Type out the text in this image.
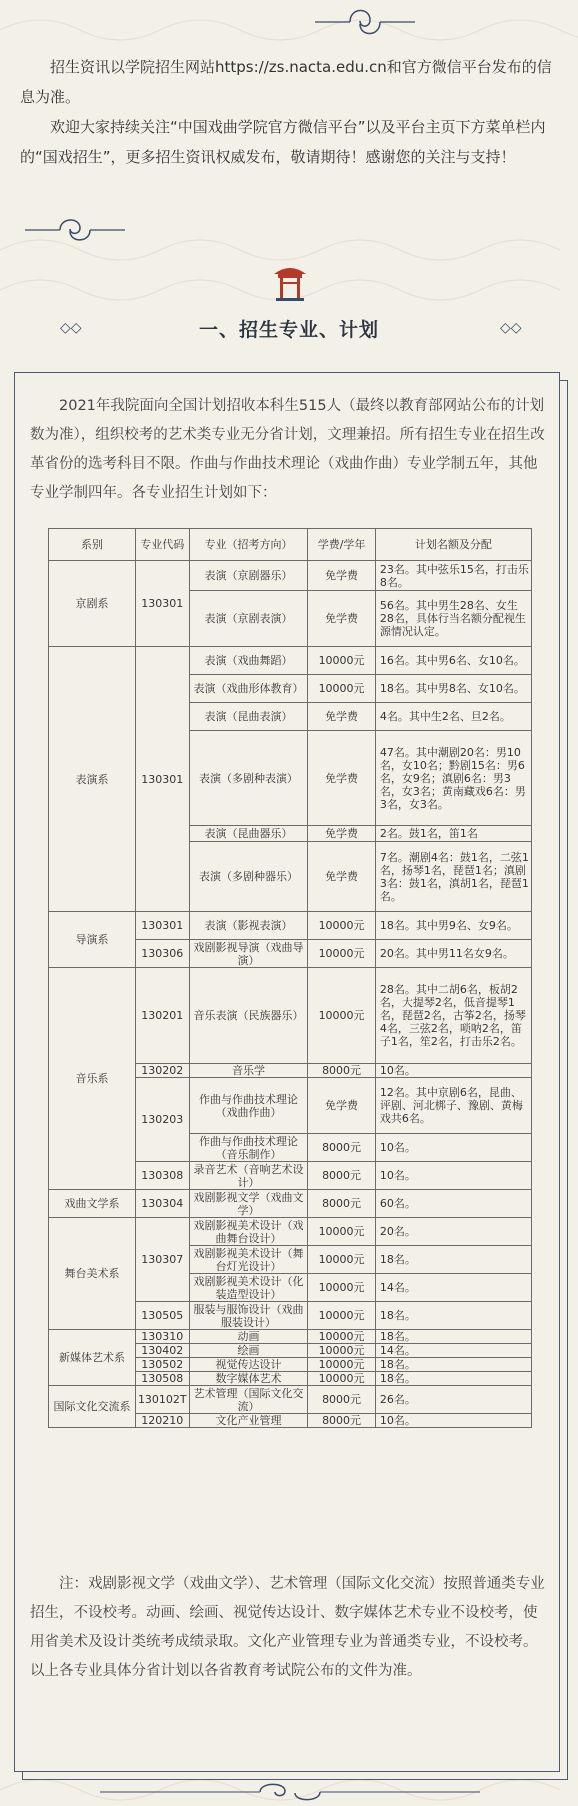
招生资讯以学院招生网站https://zs.nacta.edu.cn和官方微信平台发布的信息为准。

欢迎大家持续关注“中国戏曲学院官方微信平台”以及平台主页下方菜单栏内的“国戏招生”，更多招生资讯权威发布，敬请期待！感谢您的关注与支持！

◇◇	一、招生专业、计划	◇◇

2021年我院面向全国计划招收本科生515人（最终以教育部网站公布的计划数为准），组织校考的艺术类专业无分省计划，文理兼招。所有招生专业在招生改革省份的选考科目不限。作曲与作曲技术理论（戏曲作曲）专业学制五年，其他专业学制四年。各专业招生计划如下：

系别	专业代码	专业（招考方向）	学费/学年	计划名额及分配
京剧系	130301	表演（京剧器乐）	免学费	23名。其中弦乐15名，打击乐8名。
		表演（京剧表演）	免学费	56名。其中男生28名、女生28名，具体行当名额分配视生源情况认定。
表演系	130301	表演（戏曲舞蹈）	10000元	16名。其中男6名、女10名。
		表演（戏曲形体教育）	10000元	18名。其中男8名、女10名。
		表演（昆曲表演）	免学费	4名。其中生2名、旦2名。
		表演（多剧种表演）	免学费	47名。其中潮剧20名：男10名，女10名；黔剧15名：男6名，女9名；滇剧6名：男3名，女3名；黄南藏戏6名：男3名，女3名。
		表演（昆曲器乐）	免学费	2名。鼓1名，笛1名
		表演（多剧种器乐）	免学费	7名。潮剧4名：鼓1名，二弦1名，扬琴1名，琵琶1名；滇剧3名：鼓1名，滇胡1名，琵琶1名。
导演系	130301	表演（影视表演）	10000元	18名。其中男9名、女9名。
	130306	戏剧影视导演（戏曲导演）	10000元	20名。其中男11名女9名。
音乐系	130201	音乐表演（民族器乐）	10000元	28名。其中二胡6名，板胡2名，大提琴2名，低音提琴1名，琵琶2名，古筝2名，扬琴4名，三弦2名，唢呐2名，笛子1名，笙2名，打击乐2名。
	130202	音乐学	8000元	10名。
	130203	作曲与作曲技术理论（戏曲作曲）	免学费	12名。其中京剧6名，昆曲、评剧、河北梆子、豫剧、黄梅戏共6名。
		作曲与作曲技术理论（音乐制作）	8000元	10名。
	130308	录音艺术（音响艺术设计）	8000元	10名。
戏曲文学系	130304	戏剧影视文学（戏曲文学）	8000元	60名。
舞台美术系	130307	戏剧影视美术设计（戏曲舞台设计）	10000元	20名。
		戏剧影视美术设计（舞台灯光设计）	10000元	18名。
		戏剧影视美术设计（化装造型设计）	10000元	14名。
	130505	服装与服饰设计（戏曲服装设计）	10000元	18名。
新媒体艺术系	130310	动画	10000元	18名。
	130402	绘画	10000元	14名。
	130502	视觉传达设计	10000元	18名。
	130508	数字媒体艺术	10000元	18名。
国际文化交流系	130102T	艺术管理（国际文化交流）	8000元	26名。
	120210	文化产业管理	8000元	10名。

注：戏剧影视文学（戏曲文学）、艺术管理（国际文化交流）按照普通类专业招生，不设校考。动画、绘画、视觉传达设计、数字媒体艺术专业不设校考，使用省美术及设计类统考成绩录取。文化产业管理专业为普通类专业，不设校考。以上各专业具体分省计划以各省教育考试院公布的文件为准。
